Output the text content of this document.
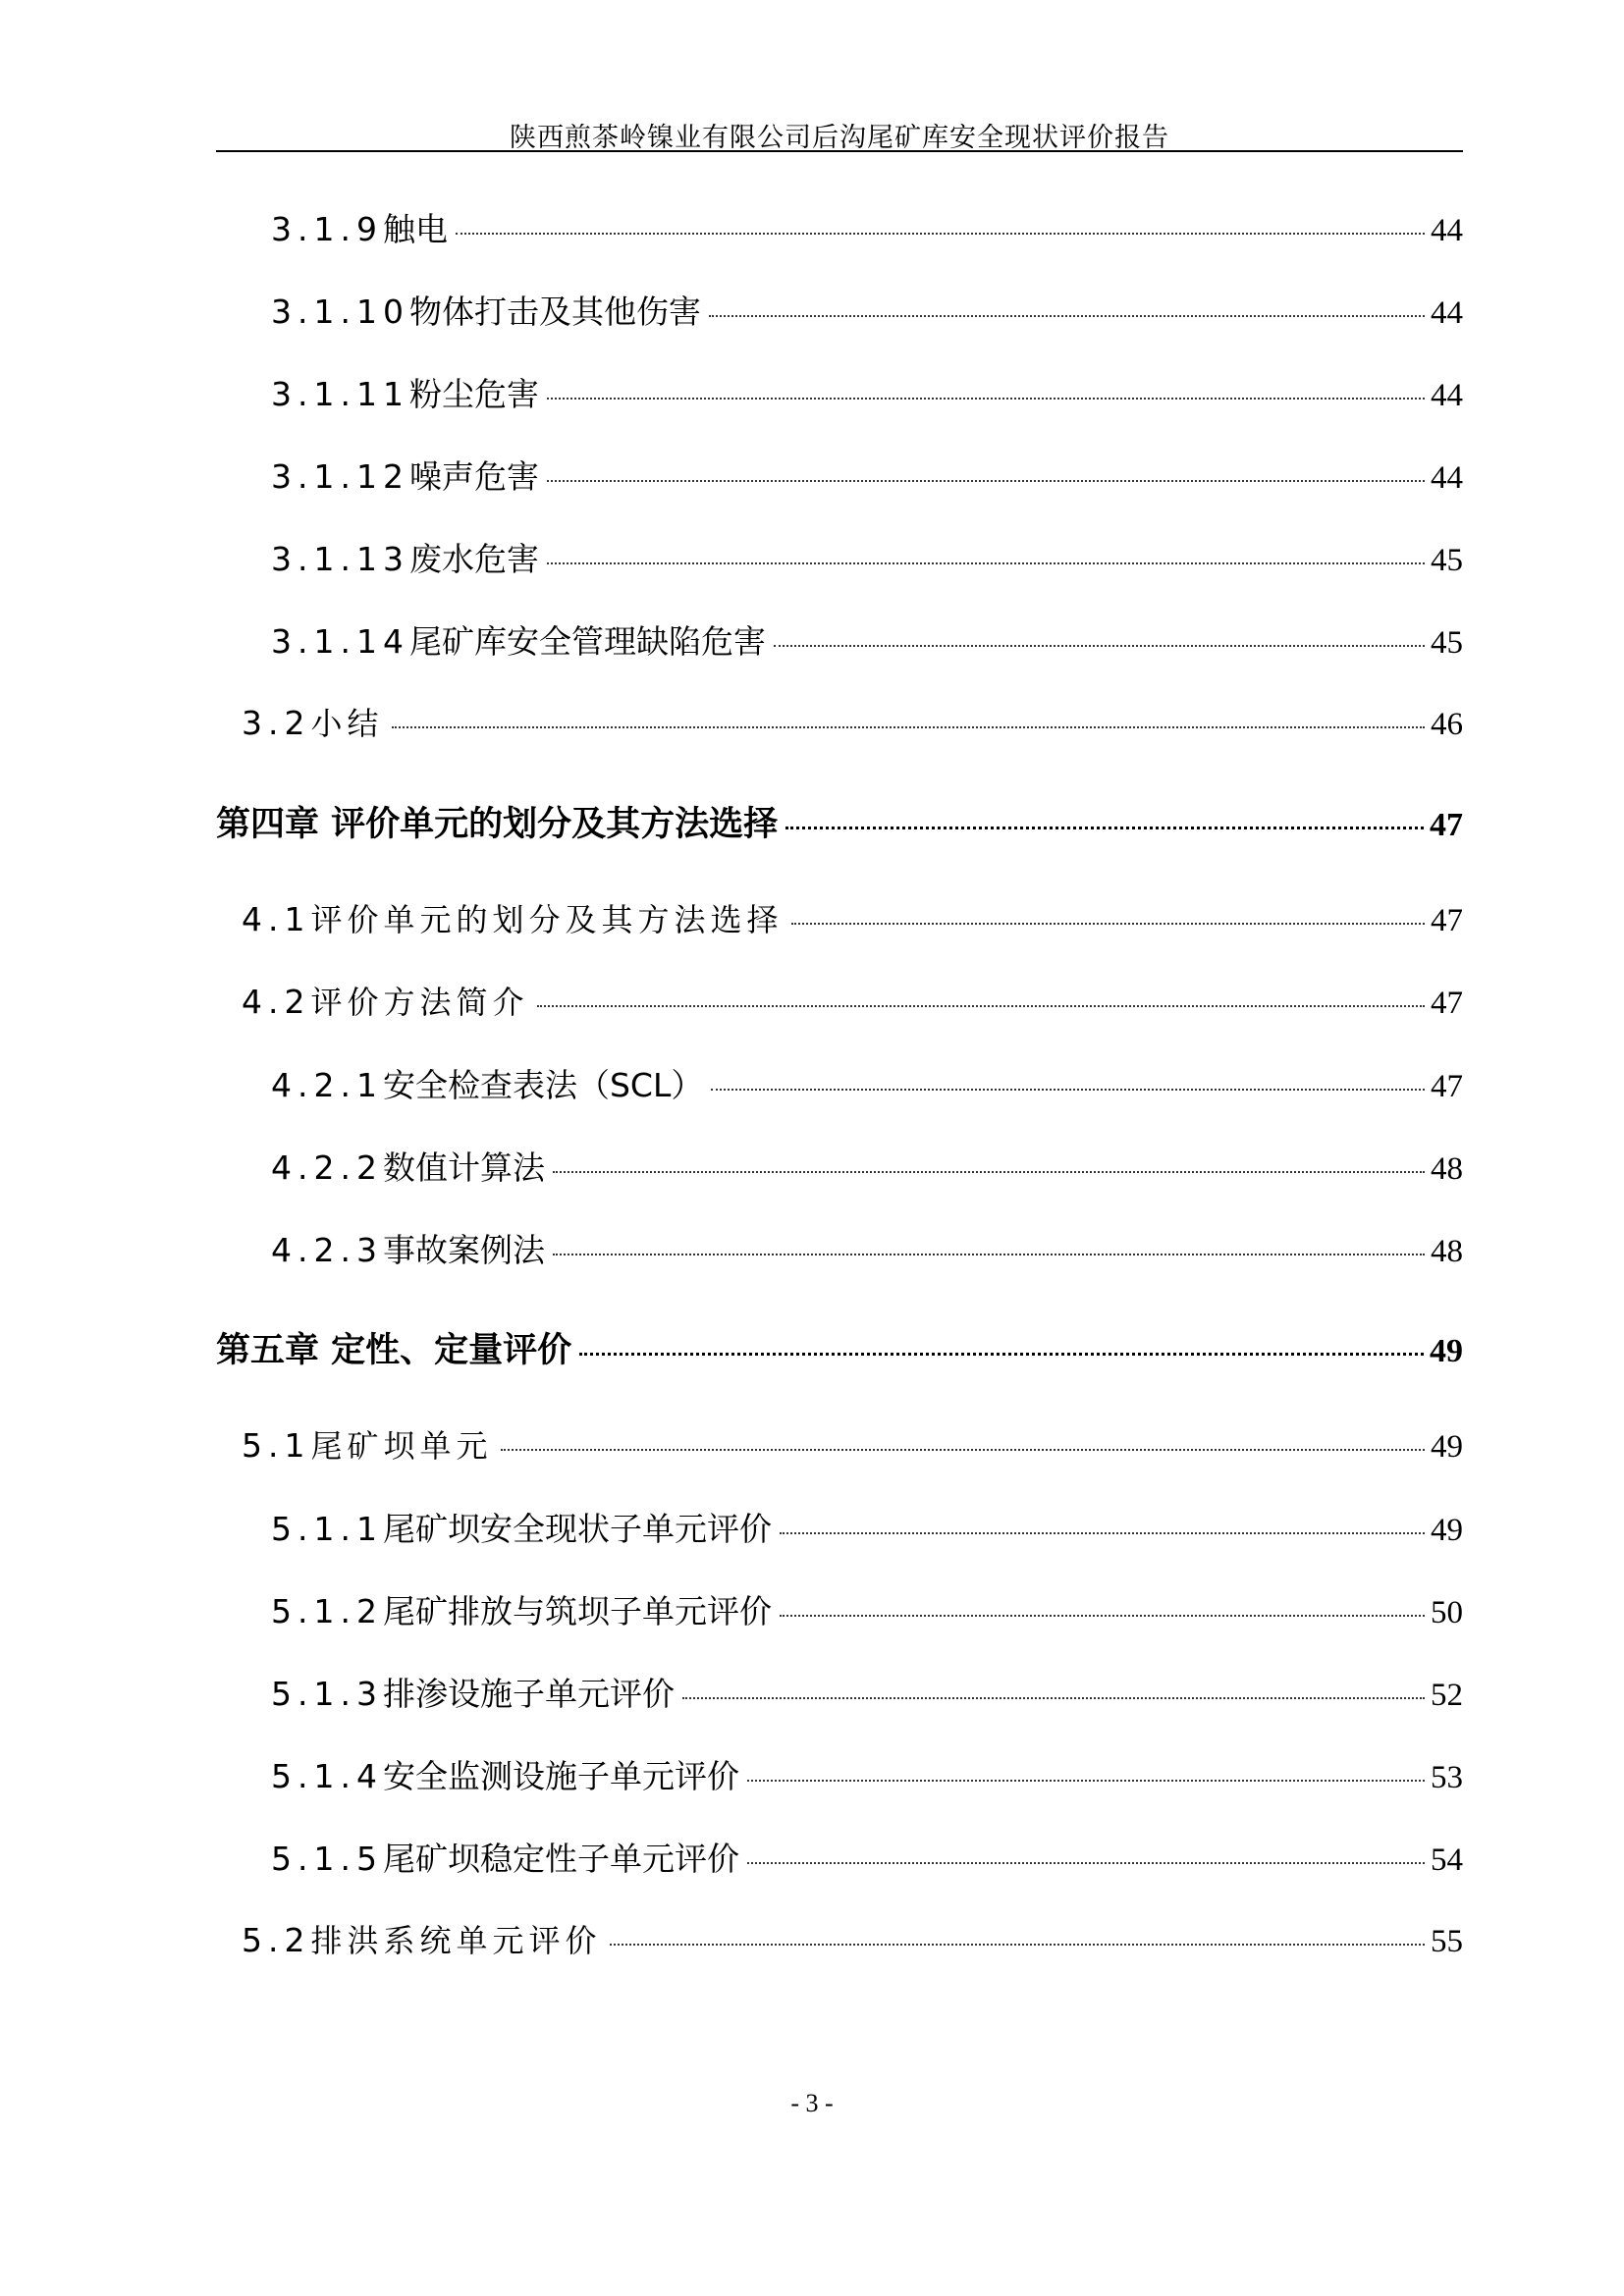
陕西煎茶岭镍业有限公司后沟尾矿库安全现状评价报告
3.1.9 触电	44
3.1.10 物体打击及其他伤害	44
3.1.11 粉尘危害	44
3.1.12 噪声危害	44
3.1.13 废水危害	45
3.1.14 尾矿库安全管理缺陷危害	45
3.2 小结	46
第四章 评价单元的划分及其方法选择	47
4.1 评价单元的划分及其方法选择	47
4.2 评价方法简介	47
4.2.1 安全检查表法（SCL）	47
4.2.2 数值计算法	48
4.2.3 事故案例法	48
第五章 定性、定量评价	49
5.1 尾矿坝单元	49
5.1.1 尾矿坝安全现状子单元评价	49
5.1.2 尾矿排放与筑坝子单元评价	50
5.1.3 排渗设施子单元评价	52
5.1.4 安全监测设施子单元评价	53
5.1.5 尾矿坝稳定性子单元评价	54
5.2 排洪系统单元评价	55
- 3 -
